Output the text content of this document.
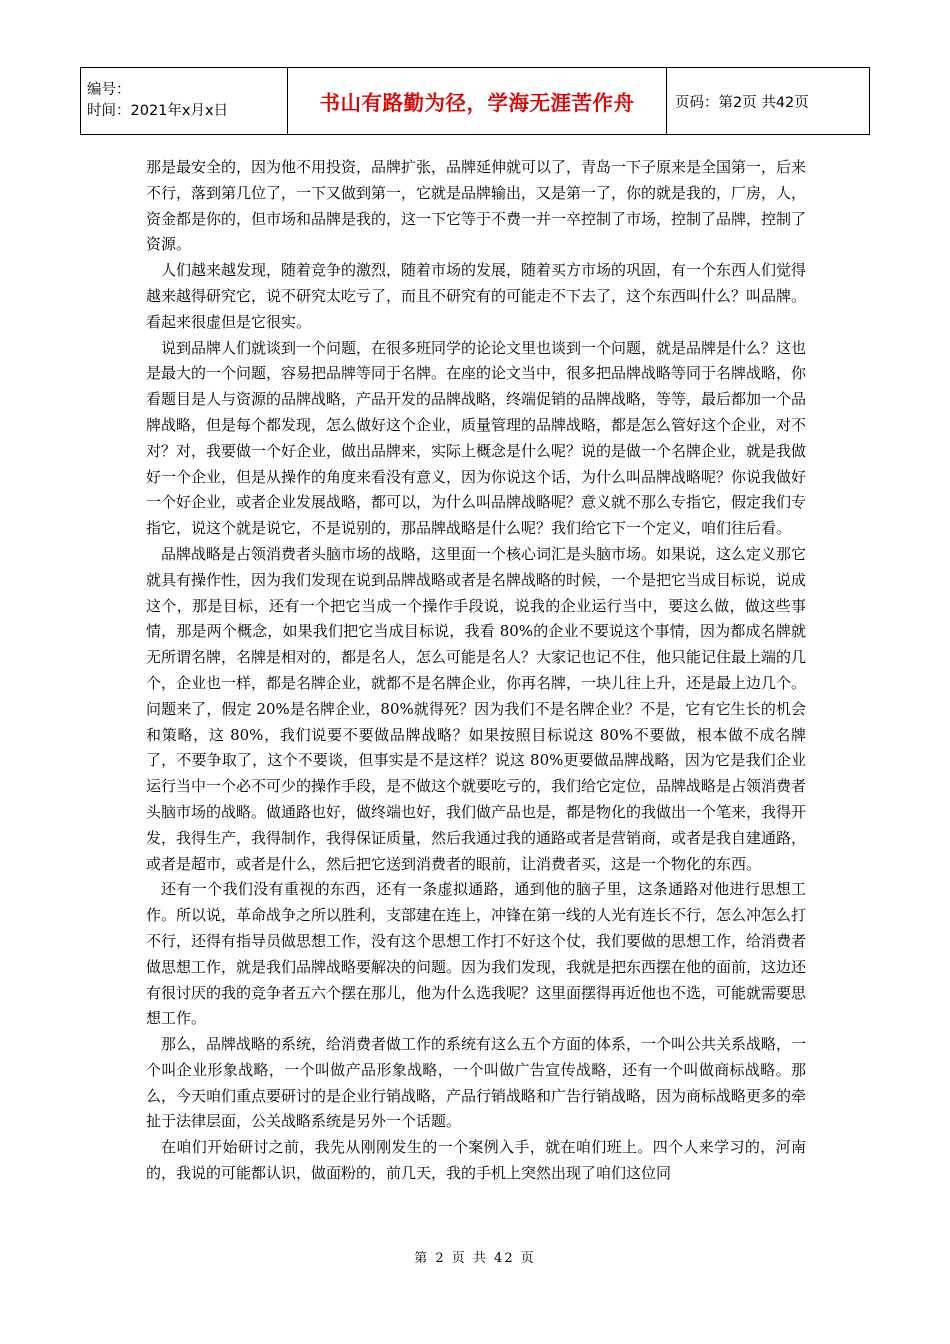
编号：
时间：2021年x月x日	书山有路勤为径，学海无涯苦作舟	页码：第2页 共42页

那是最安全的，因为他不用投资，品牌扩张，品牌延伸就可以了，青岛一下子原来是全国第一，后来不行，落到第几位了，一下又做到第一，它就是品牌输出，又是第一了，你的就是我的，厂房，人，资金都是你的，但市场和品牌是我的，这一下它等于不费一并一卒控制了市场，控制了品牌，控制了资源。

人们越来越发现，随着竞争的激烈，随着市场的发展，随着买方市场的巩固，有一个东西人们觉得越来越得研究它，说不研究太吃亏了，而且不研究有的可能走不下去了，这个东西叫什么？叫品牌。看起来很虚但是它很实。

说到品牌人们就谈到一个问题，在很多班同学的论论文里也谈到一个问题，就是品牌是什么？这也是最大的一个问题，容易把品牌等同于名牌。在座的论文当中，很多把品牌战略等同于名牌战略，你看题目是人与资源的品牌战略，产品开发的品牌战略，终端促销的品牌战略，等等，最后都加一个品牌战略，但是每个都发现，怎么做好这个企业，质量管理的品牌战略，都是怎么管好这个企业，对不对？对，我要做一个好企业，做出品牌来，实际上概念是什么呢？说的是做一个名牌企业，就是我做好一个企业，但是从操作的角度来看没有意义，因为你说这个话，为什么叫品牌战略呢？你说我做好一个好企业，或者企业发展战略，都可以，为什么叫品牌战略呢？意义就不那么专指它，假定我们专指它，说这个就是说它，不是说别的，那品牌战略是什么呢？我们给它下一个定义，咱们往后看。

品牌战略是占领消费者头脑市场的战略，这里面一个核心词汇是头脑市场。如果说，这么定义那它就具有操作性，因为我们发现在说到品牌战略或者是名牌战略的时候，一个是把它当成目标说，说成这个，那是目标，还有一个把它当成一个操作手段说，说我的企业运行当中，要这么做，做这些事情，那是两个概念，如果我们把它当成目标说，我看 80%的企业不要说这个事情，因为都成名牌就无所谓名牌，名牌是相对的，都是名人，怎么可能是名人？大家记也记不住，他只能记住最上端的几个，企业也一样，都是名牌企业，就都不是名牌企业，你再名牌，一块儿往上升，还是最上边几个。问题来了，假定 20%是名牌企业，80%就得死？因为我们不是名牌企业？不是，它有它生长的机会和策略，这 80%，我们说要不要做品牌战略？如果按照目标说这 80%不要做，根本做不成名牌了，不要争取了，这个不要谈，但事实是不是这样？说这 80%更要做品牌战略，因为它是我们企业运行当中一个必不可少的操作手段，是不做这个就要吃亏的，我们给它定位，品牌战略是占领消费者头脑市场的战略。做通路也好，做终端也好，我们做产品也是，都是物化的我做出一个笔来，我得开发，我得生产，我得制作，我得保证质量，然后我通过我的通路或者是营销商，或者是我自建通路，或者是超市，或者是什么，然后把它送到消费者的眼前，让消费者买，这是一个物化的东西。

还有一个我们没有重视的东西，还有一条虚拟通路，通到他的脑子里，这条通路对他进行思想工作。所以说，革命战争之所以胜利，支部建在连上，冲锋在第一线的人光有连长不行，怎么冲怎么打不行，还得有指导员做思想工作，没有这个思想工作打不好这个仗，我们要做的思想工作，给消费者做思想工作，就是我们品牌战略要解决的问题。因为我们发现，我就是把东西摆在他的面前，这边还有很讨厌的我的竞争者五六个摆在那儿，他为什么选我呢？这里面摆得再近他也不选，可能就需要思想工作。

那么，品牌战略的系统，给消费者做工作的系统有这么五个方面的体系，一个叫公共关系战略，一个叫企业形象战略，一个叫做产品形象战略，一个叫做广告宣传战略，还有一个叫做商标战略。那么，今天咱们重点要研讨的是企业行销战略，产品行销战略和广告行销战略，因为商标战略更多的牵扯于法律层面，公关战略系统是另外一个话题。

在咱们开始研讨之前，我先从刚刚发生的一个案例入手，就在咱们班上。四个人来学习的，河南的，我说的可能都认识，做面粉的，前几天，我的手机上突然出现了咱们这位同

第 2 页 共 42 页
